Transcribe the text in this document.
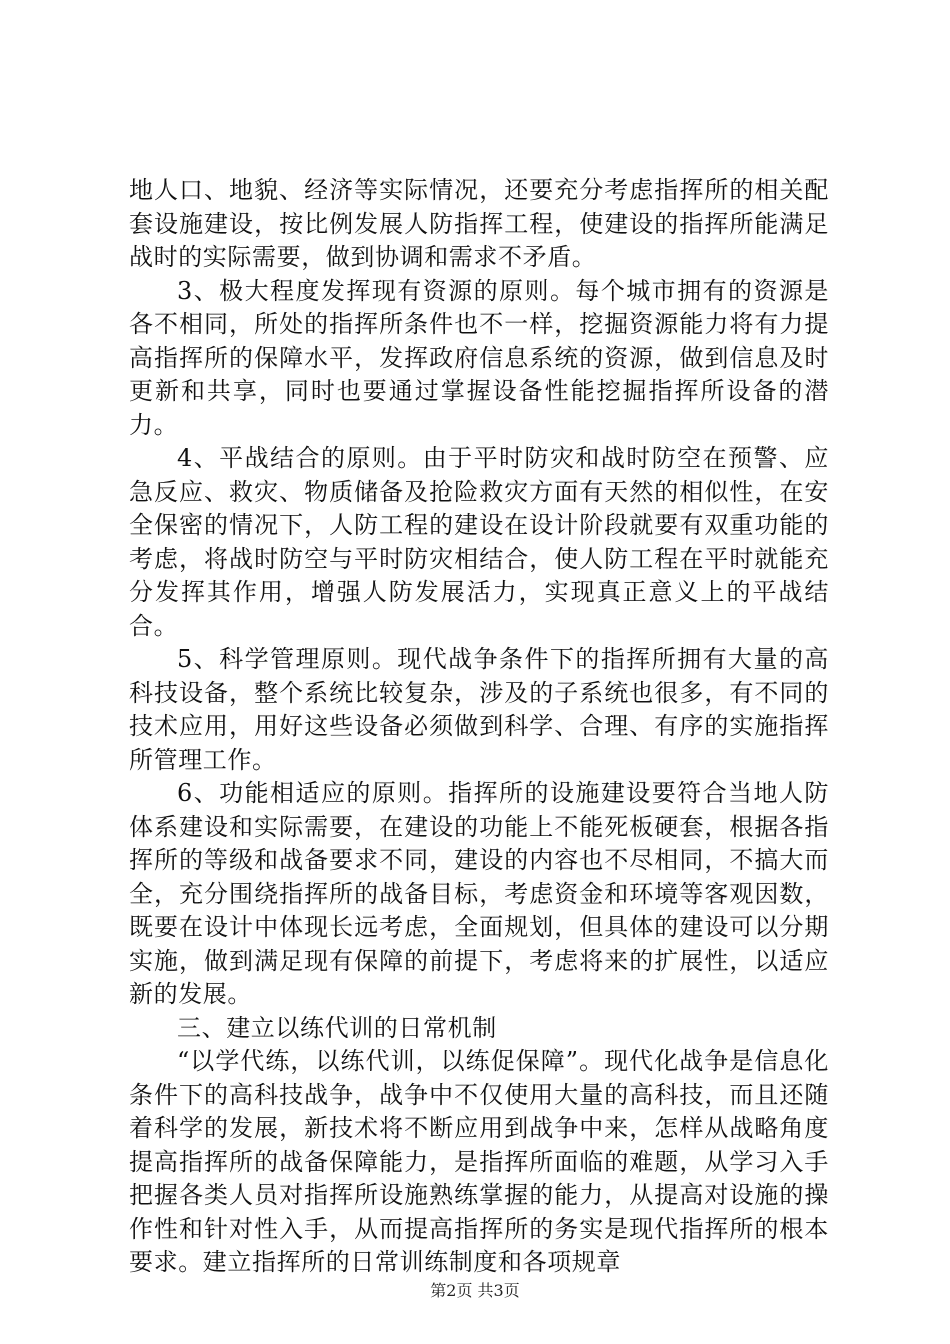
地人口、地貌、经济等实际情况，还要充分考虑指挥所的相关配套设施建设，按比例发展人防指挥工程，使建设的指挥所能满足战时的实际需要，做到协调和需求不矛盾。

3、极大程度发挥现有资源的原则。每个城市拥有的资源是各不相同，所处的指挥所条件也不一样，挖掘资源能力将有力提高指挥所的保障水平，发挥政府信息系统的资源，做到信息及时更新和共享，同时也要通过掌握设备性能挖掘指挥所设备的潜力。

4、平战结合的原则。由于平时防灾和战时防空在预警、应急反应、救灾、物质储备及抢险救灾方面有天然的相似性，在安全保密的情况下，人防工程的建设在设计阶段就要有双重功能的考虑，将战时防空与平时防灾相结合，使人防工程在平时就能充分发挥其作用，增强人防发展活力，实现真正意义上的平战结合。

5、科学管理原则。现代战争条件下的指挥所拥有大量的高科技设备，整个系统比较复杂，涉及的子系统也很多，有不同的技术应用，用好这些设备必须做到科学、合理、有序的实施指挥所管理工作。

6、功能相适应的原则。指挥所的设施建设要符合当地人防体系建设和实际需要，在建设的功能上不能死板硬套，根据各指挥所的等级和战备要求不同，建设的内容也不尽相同，不搞大而全，充分围绕指挥所的战备目标，考虑资金和环境等客观因数，既要在设计中体现长远考虑，全面规划，但具体的建设可以分期实施，做到满足现有保障的前提下，考虑将来的扩展性，以适应新的发展。

三、建立以练代训的日常机制

“以学代练，以练代训，以练促保障”。现代化战争是信息化条件下的高科技战争，战争中不仅使用大量的高科技，而且还随着科学的发展，新技术将不断应用到战争中来，怎样从战略角度提高指挥所的战备保障能力，是指挥所面临的难题，从学习入手把握各类人员对指挥所设施熟练掌握的能力，从提高对设施的操作性和针对性入手，从而提高指挥所的务实是现代指挥所的根本要求。建立指挥所的日常训练制度和各项规章

第2页 共3页
